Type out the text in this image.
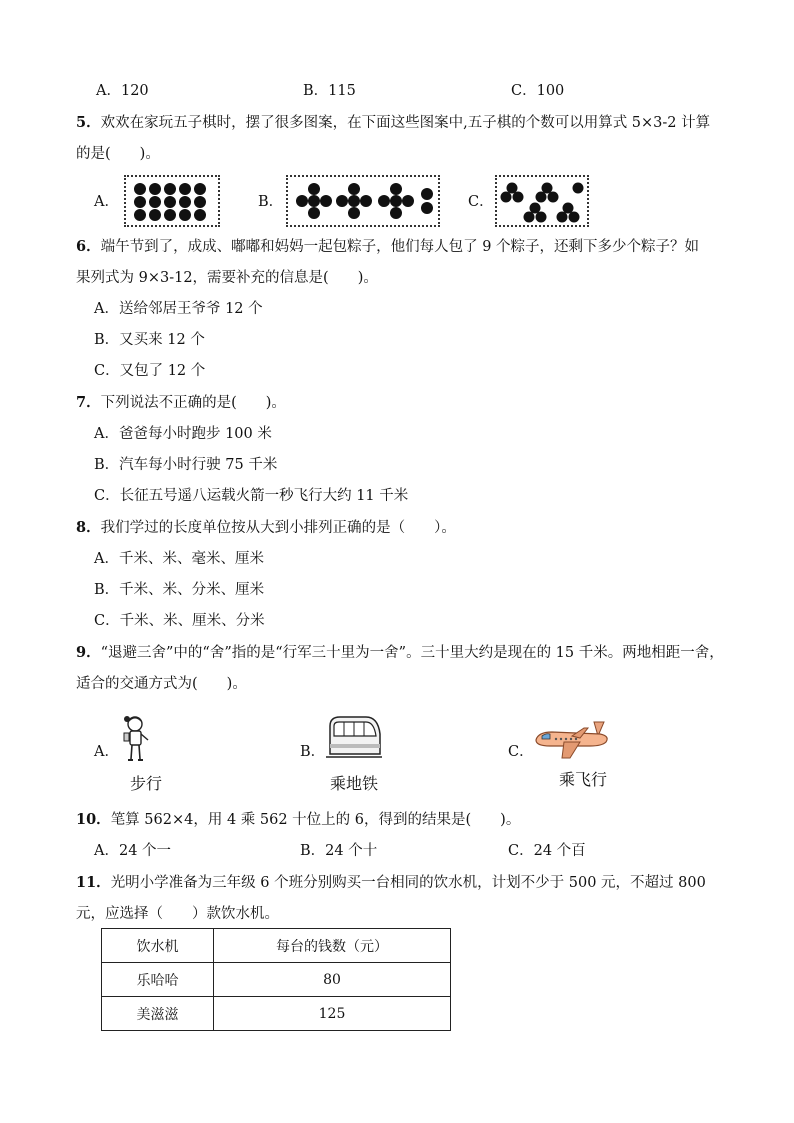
A．120	B．115	C．100
5．欢欢在家玩五子棋时，摆了很多图案，在下面这些图案中,五子棋的个数可以用算式 5×3-2 计算
的是(　　)。
A．	B．	C．
6．端午节到了，成成、嘟嘟和妈妈一起包粽子，他们每人包了 9 个粽子，还剩下多少个粽子？如
果列式为 9×3-12，需要补充的信息是(　　)。
A．送给邻居王爷爷 12 个
B．又买来 12 个
C．又包了 12 个
7．下列说法不正确的是(　　)。
A．爸爸每小时跑步 100 米
B．汽车每小时行驶 75 千米
C．长征五号遥八运载火箭一秒飞行大约 11 千米
8．我们学过的长度单位按从大到小排列正确的是（　　）。
A．千米、米、毫米、厘米
B．千米、米、分米、厘米
C．千米、米、厘米、分米
9．“退避三舍”中的“舍”指的是“行军三十里为一舍”。三十里大约是现在的 15 千米。两地相距一舍，
适合的交通方式为(　　)。
A．
步行
B．
乘地铁
C．
乘飞行
10．笔算 562×4，用 4 乘 562 十位上的 6，得到的结果是(　　)。
A．24 个一	B．24 个十	C．24 个百
11．光明小学准备为三年级 6 个班分别购买一台相同的饮水机，计划不少于 500 元，不超过 800
元，应选择（　　）款饮水机。
饮水机	每台的钱数（元）
乐哈哈	80
美滋滋	125
